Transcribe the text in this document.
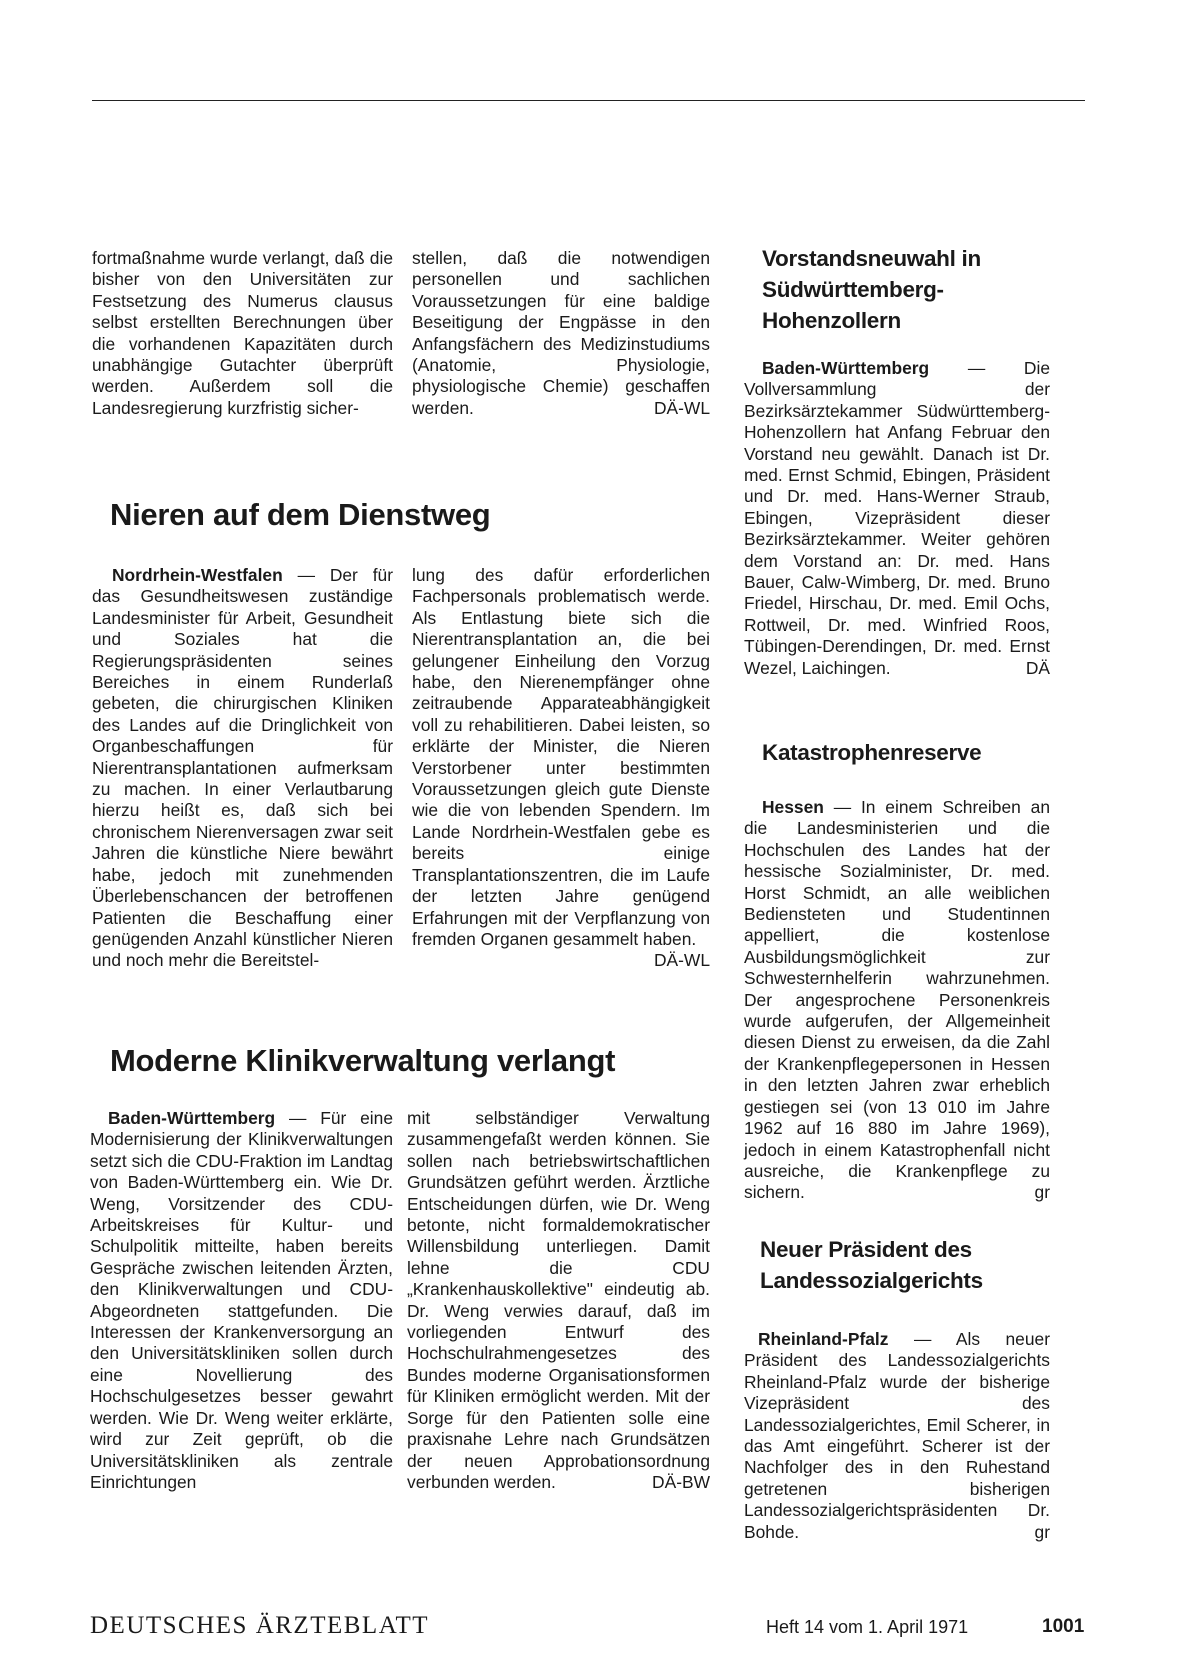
fortmaßnahme wurde verlangt, daß die bisher von den Universitäten zur Festsetzung des Numerus clausus selbst erstellten Berechnungen über die vorhandenen Kapazitäten durch unabhängige Gutachter überprüft werden. Außerdem soll die Landesregierung kurzfristig sicher-

stellen, daß die notwendigen personellen und sachlichen Voraussetzungen für eine baldige Beseitigung der Engpässe in den Anfangsfächern des Medizinstudiums (Anatomie, Physiologie, physiologische Chemie) geschaffen werden.	DÄ-WL

Nieren auf dem Dienstweg

Nordrhein-Westfalen — Der für das Gesundheitswesen zuständige Landesminister für Arbeit, Gesundheit und Soziales hat die Regierungspräsidenten seines Bereiches in einem Runderlaß gebeten, die chirurgischen Kliniken des Landes auf die Dringlichkeit von Organbeschaffungen für Nierentransplantationen aufmerksam zu machen. In einer Verlautbarung hierzu heißt es, daß sich bei chronischem Nierenversagen zwar seit Jahren die künstliche Niere bewährt habe, jedoch mit zunehmenden Überlebenschancen der betroffenen Patienten die Beschaffung einer genügenden Anzahl künstlicher Nieren und noch mehr die Bereitstel-

lung des dafür erforderlichen Fachpersonals problematisch werde. Als Entlastung biete sich die Nierentransplantation an, die bei gelungener Einheilung den Vorzug habe, den Nierenempfänger ohne zeitraubende Apparateabhängigkeit voll zu rehabilitieren. Dabei leisten, so erklärte der Minister, die Nieren Verstorbener unter bestimmten Voraussetzungen gleich gute Dienste wie die von lebenden Spendern. Im Lande Nordrhein-Westfalen gebe es bereits einige Transplantationszentren, die im Laufe der letzten Jahre genügend Erfahrungen mit der Verpflanzung von fremden Organen gesammelt haben.
DÄ-WL

Moderne Klinikverwaltung verlangt

Baden-Württemberg — Für eine Modernisierung der Klinikverwaltungen setzt sich die CDU-Fraktion im Landtag von Baden-Württemberg ein. Wie Dr. Weng, Vorsitzender des CDU-Arbeitskreises für Kultur- und Schulpolitik mitteilte, haben bereits Gespräche zwischen leitenden Ärzten, den Klinikverwaltungen und CDU-Abgeordneten stattgefunden. Die Interessen der Krankenversorgung an den Universitätskliniken sollen durch eine Novellierung des Hochschulgesetzes besser gewahrt werden. Wie Dr. Weng weiter erklärte, wird zur Zeit geprüft, ob die Universitätskliniken als zentrale Einrichtungen

mit selbständiger Verwaltung zusammengefaßt werden können. Sie sollen nach betriebswirtschaftlichen Grundsätzen geführt werden. Ärztliche Entscheidungen dürfen, wie Dr. Weng betonte, nicht formaldemokratischer Willensbildung unterliegen. Damit lehne die CDU „Krankenhauskollektive" eindeutig ab. Dr. Weng verwies darauf, daß im vorliegenden Entwurf des Hochschulrahmengesetzes des Bundes moderne Organisationsformen für Kliniken ermöglicht werden. Mit der Sorge für den Patienten solle eine praxisnahe Lehre nach Grundsätzen der neuen Approbationsordnung verbunden werden.	DÄ-BW

Vorstandsneuwahl in Südwürttemberg-Hohenzollern

Baden-Württemberg — Die Vollversammlung der Bezirksärztekammer Südwürttemberg-Hohenzollern hat Anfang Februar den Vorstand neu gewählt. Danach ist Dr. med. Ernst Schmid, Ebingen, Präsident und Dr. med. Hans-Werner Straub, Ebingen, Vizepräsident dieser Bezirksärztekammer. Weiter gehören dem Vorstand an: Dr. med. Hans Bauer, Calw-Wimberg, Dr. med. Bruno Friedel, Hirschau, Dr. med. Emil Ochs, Rottweil, Dr. med. Winfried Roos, Tübingen-Derendingen, Dr. med. Ernst Wezel, Laichingen.	DÄ

Katastrophenreserve

Hessen — In einem Schreiben an die Landesministerien und die Hochschulen des Landes hat der hessische Sozialminister, Dr. med. Horst Schmidt, an alle weiblichen Bediensteten und Studentinnen appelliert, die kostenlose Ausbildungsmöglichkeit zur Schwesternhelferin wahrzunehmen. Der angesprochene Personenkreis wurde aufgerufen, der Allgemeinheit diesen Dienst zu erweisen, da die Zahl der Krankenpflegepersonen in Hessen in den letzten Jahren zwar erheblich gestiegen sei (von 13 010 im Jahre 1962 auf 16 880 im Jahre 1969), jedoch in einem Katastrophenfall nicht ausreiche, die Krankenpflege zu sichern.	gr

Neuer Präsident des Landessozialgerichts

Rheinland-Pfalz — Als neuer Präsident des Landessozialgerichts Rheinland-Pfalz wurde der bisherige Vizepräsident des Landessozialgerichtes, Emil Scherer, in das Amt eingeführt. Scherer ist der Nachfolger des in den Ruhestand getretenen bisherigen Landessozialgerichtspräsidenten Dr. Bohde.	gr

DEUTSCHES ÄRZTEBLATT	Heft 14 vom 1. April 1971	1001
